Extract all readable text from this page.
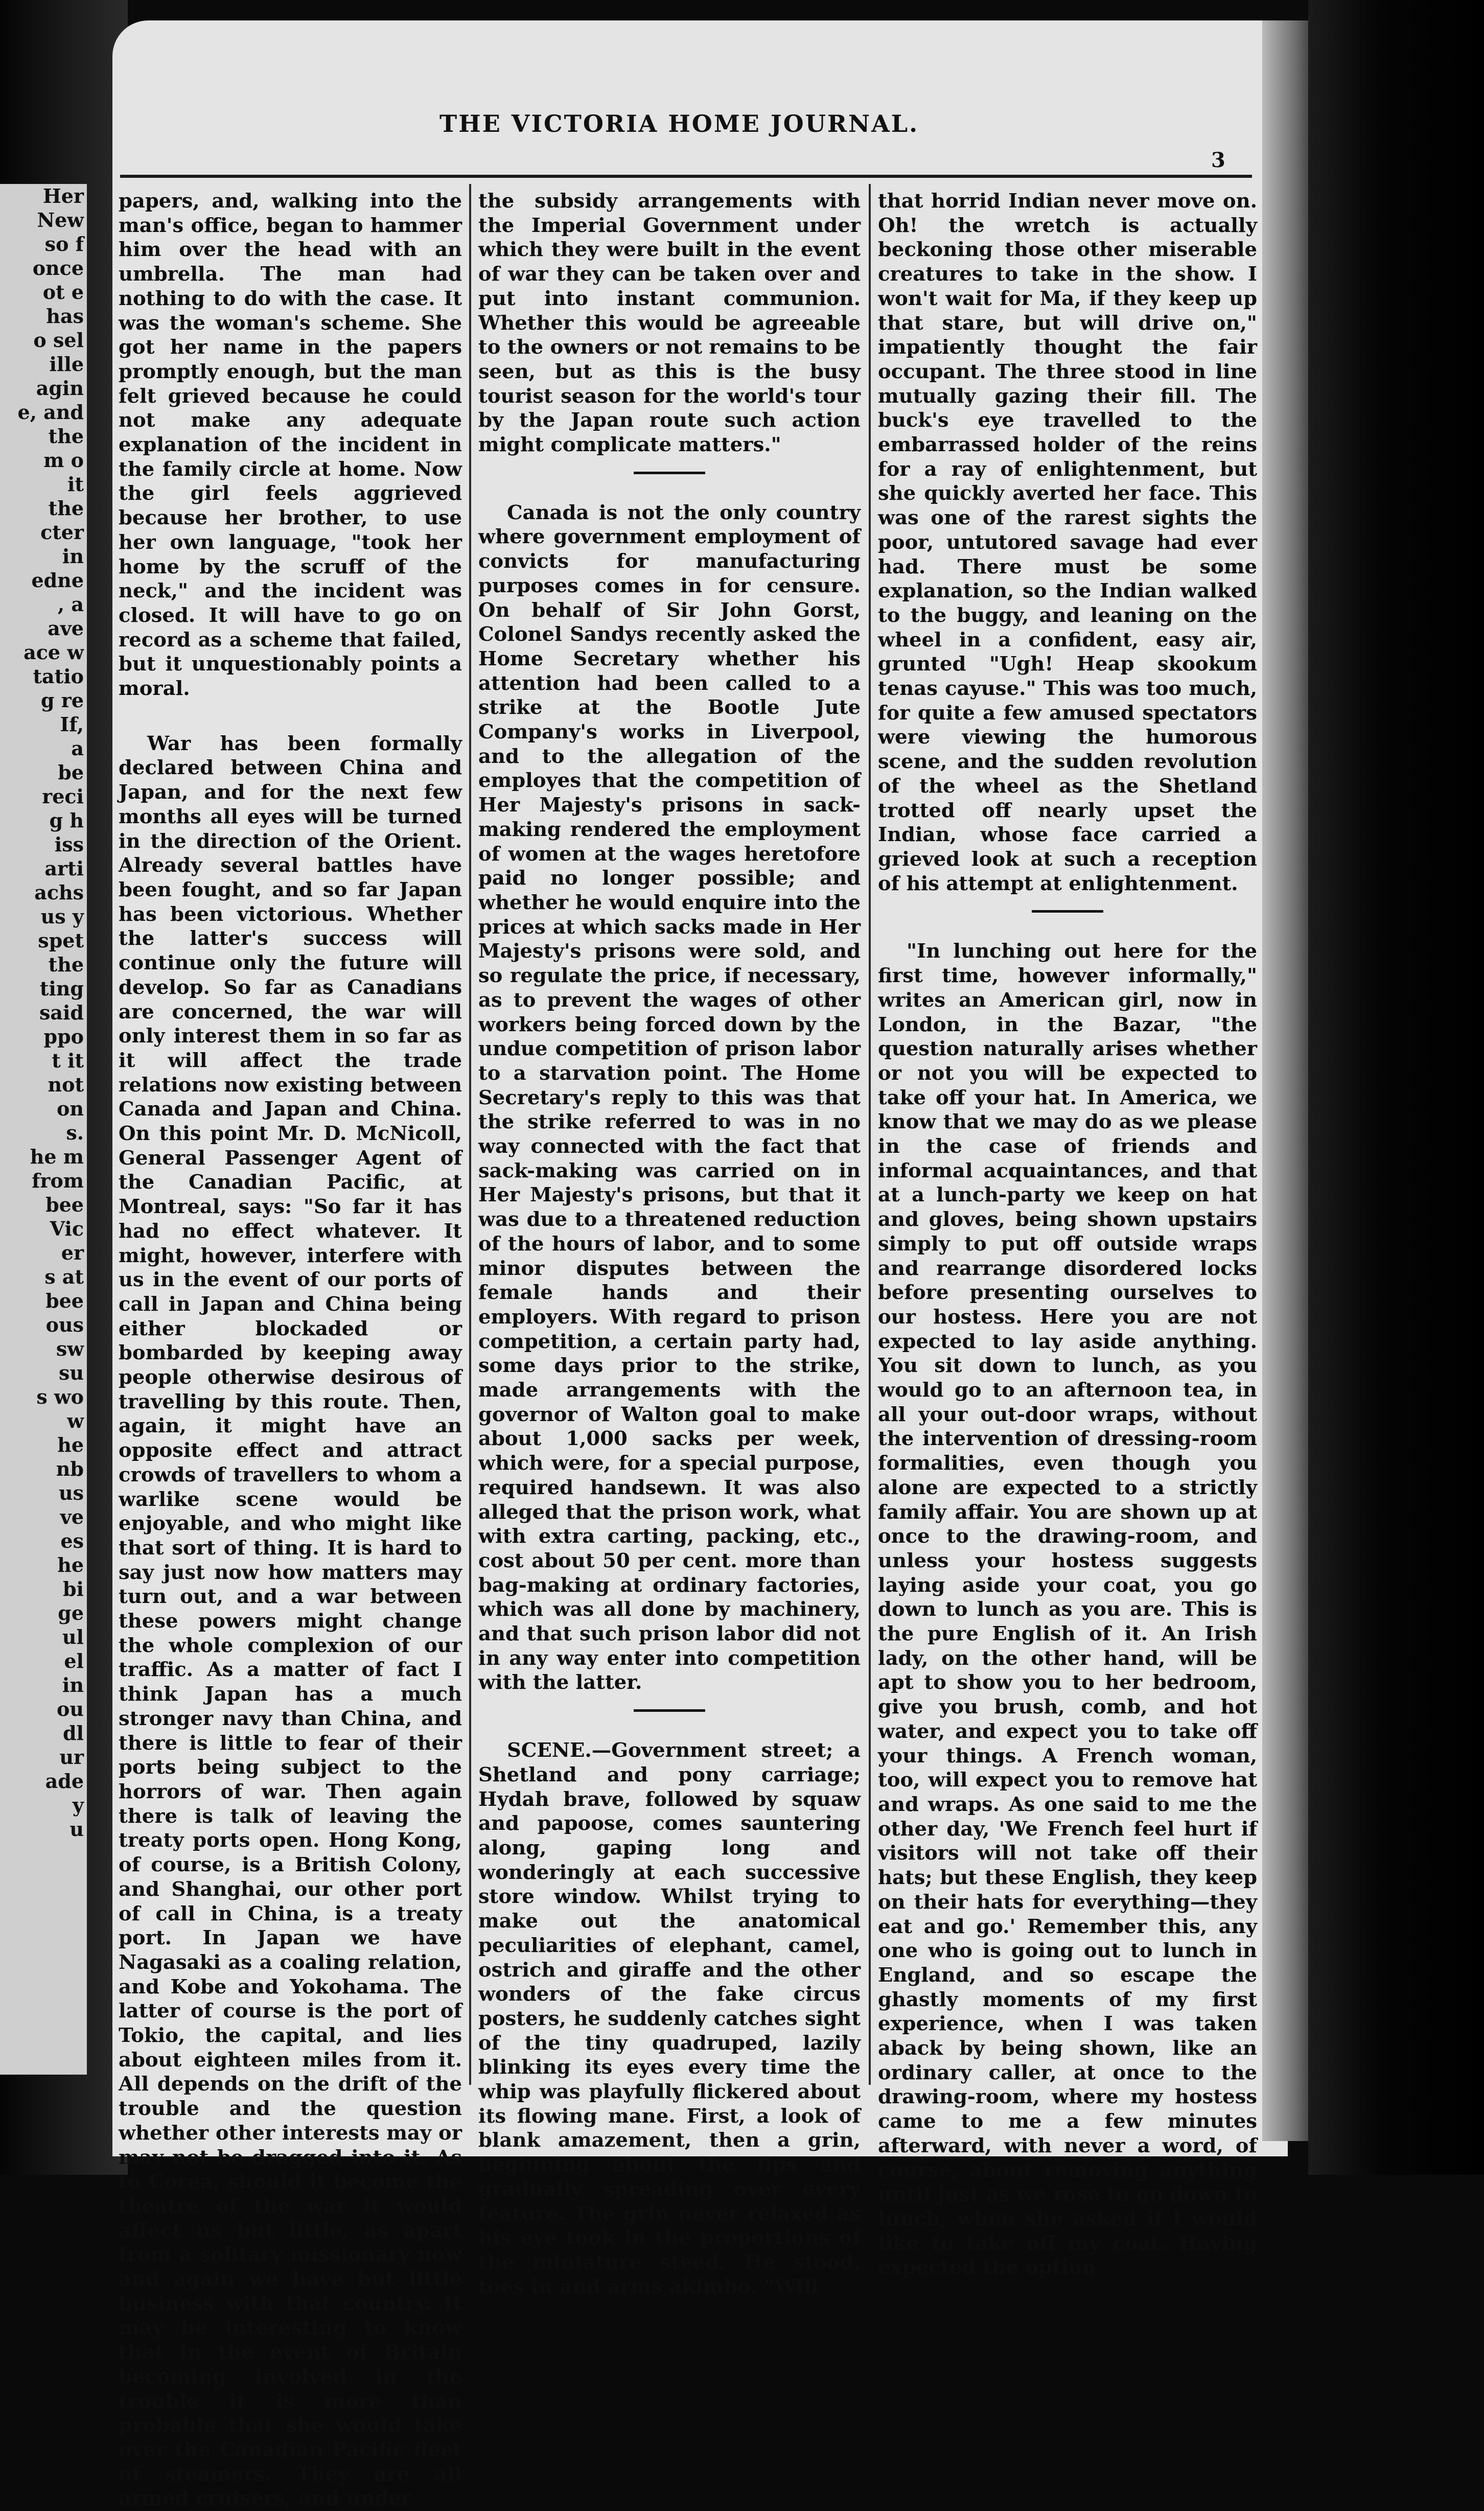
Her
New
so f
once
ot e
has
o sel
ille
agin
e, and
the
m o
it
the
cter
in
edne
, a
ave
ace w
tatio
g re
If,
a
be
reci
g h
iss
arti
achs
us y
spet
the
ting
said
ppo
t it
not
on
s.
he m
from
bee
Vic
er
s at
bee
ous
sw
su
s wo
w
he
nb
us
ve
es
he
bi
ge
ul
el
in
ou
dl
ur
ade
y
u
THE VICTORIA HOME JOURNAL.
3

papers, and, walking into the man's office, began to hammer him over the head with an umbrella. The man had nothing to do with the case. It was the woman's scheme. She got her name in the papers promptly enough, but the man felt grieved because he could not make any adequate explanation of the incident in the family circle at home. Now the girl feels aggrieved because her brother, to use her own language, "took her home by the scruff of the neck," and the incident was closed. It will have to go on record as a scheme that failed, but it unquestionably points a moral.

War has been formally declared between China and Japan, and for the next few months all eyes will be turned in the direction of the Orient. Already several battles have been fought, and so far Japan has been victorious. Whether the latter's success will continue only the future will develop. So far as Canadians are concerned, the war will only interest them in so far as it will affect the trade relations now existing between Canada and Japan and China. On this point Mr. D. McNicoll, General Passenger Agent of the Canadian Pacific, at Montreal, says: "So far it has had no effect whatever. It might, however, interfere with us in the event of our ports of call in Japan and China being either blockaded or bombarded by keeping away people otherwise desirous of travelling by this route. Then, again, it might have an opposite effect and attract crowds of travellers to whom a warlike scene would be enjoyable, and who might like that sort of thing. It is hard to say just now how matters may turn out, and a war between these powers might change the whole complexion of our traffic. As a matter of fact I think Japan has a much stronger navy than China, and there is little to fear of their ports being subject to the horrors of war. Then again there is talk of leaving the treaty ports open. Hong Kong, of course, is a British Colony, and Shanghai, our other port of call in China, is a treaty port. In Japan we have Nagasaki as a coaling relation, and Kobe and Yokohama. The latter of course is the port of Tokio, the capital, and lies about eighteen miles from it. All depends on the drift of the trouble and the question whether other interests may or may not be dragged into it. As to Corea, should it become the theatre of the war it would affect us but little, as apart from a solitary missionary now and again we have but little business with that country. It may be interesting to know that in the event of Britain becoming involved in the trouble it is more than probable that she would take over the Canadian Pacific fleet of steamers. They are all armed cruisers, and under

the subsidy arrangements with the Imperial Government under which they were built in the event of war they can be taken over and put into instant communion. Whether this would be agreeable to the owners or not remains to be seen, but as this is the busy tourist season for the world's tour by the Japan route such action might complicate matters."

Canada is not the only country where government employment of convicts for manufacturing purposes comes in for censure. On behalf of Sir John Gorst, Colonel Sandys recently asked the Home Secretary whether his attention had been called to a strike at the Bootle Jute Company's works in Liverpool, and to the allegation of the employes that the competition of Her Majesty's prisons in sack-making rendered the employment of women at the wages heretofore paid no longer possible; and whether he would enquire into the prices at which sacks made in Her Majesty's prisons were sold, and so regulate the price, if necessary, as to prevent the wages of other workers being forced down by the undue competition of prison labor to a starvation point. The Home Secretary's reply to this was that the strike referred to was in no way connected with the fact that sack-making was carried on in Her Majesty's prisons, but that it was due to a threatened reduction of the hours of labor, and to some minor disputes between the female hands and their employers. With regard to prison competition, a certain party had, some days prior to the strike, made arrangements with the governor of Walton goal to make about 1,000 sacks per week, which were, for a special purpose, required handsewn. It was also alleged that the prison work, what with extra carting, packing, etc., cost about 50 per cent. more than bag-making at ordinary factories, which was all done by machinery, and that such prison labor did not in any way enter into competition with the latter.

SCENE.—Government street; a Shetland and pony carriage; Hydah brave, followed by squaw and papoose, comes sauntering along, gaping long and wonderingly at each successive store window. Whilst trying to make out the anatomical peculiarities of elephant, camel, ostrich and giraffe and the other wonders of the fake circus posters, he suddenly catches sight of the tiny quadruped, lazily blinking its eyes every time the whip was playfully flickered about its flowing mane. First, a look of blank amazement, then a grin, beginning about the lips and gradually spreading over every feature. The grin never relaxed as his eye took in the proportions of the miniature steed. He stood, toes in and arms akimbo. "Will

that horrid Indian never move on. Oh! the wretch is actually beckoning those other miserable creatures to take in the show. I won't wait for Ma, if they keep up that stare, but will drive on," impatiently thought the fair occupant. The three stood in line mutually gazing their fill. The buck's eye travelled to the embarrassed holder of the reins for a ray of enlightenment, but she quickly averted her face. This was one of the rarest sights the poor, untutored savage had ever had. There must be some explanation, so the Indian walked to the buggy, and leaning on the wheel in a confident, easy air, grunted "Ugh! Heap skookum tenas cayuse." This was too much, for quite a few amused spectators were viewing the humorous scene, and the sudden revolution of the wheel as the Shetland trotted off nearly upset the Indian, whose face carried a grieved look at such a reception of his attempt at enlightenment.

"In lunching out here for the first time, however informally," writes an American girl, now in London, in the Bazar, "the question naturally arises whether or not you will be expected to take off your hat. In America, we know that we may do as we please in the case of friends and informal acquaintances, and that at a lunch-party we keep on hat and gloves, being shown upstairs simply to put off outside wraps and rearrange disordered locks before presenting ourselves to our hostess. Here you are not expected to lay aside anything. You sit down to lunch, as you would go to an afternoon tea, in all your out-door wraps, without the intervention of dressing-room formalities, even though you alone are expected to a strictly family affair. You are shown up at once to the drawing-room, and unless your hostess suggests laying aside your coat, you go down to lunch as you are. This is the pure English of it. An Irish lady, on the other hand, will be apt to show you to her bedroom, give you brush, comb, and hot water, and expect you to take off your things. A French woman, too, will expect you to remove hat and wraps. As one said to me the other day, 'We French feel hurt if visitors will not take off their hats; but these English, they keep on their hats for everything—they eat and go.' Remember this, any one who is going out to lunch in England, and so escape the ghastly moments of my first experience, when I was taken aback by being shown, like an ordinary caller, at once to the drawing-room, where my hostess came to me a few minutes afterward, with never a word, of course, about removing anything until just as we rose to go down to lunch, when she asked if I would like to take off my coat. Having expected the option
